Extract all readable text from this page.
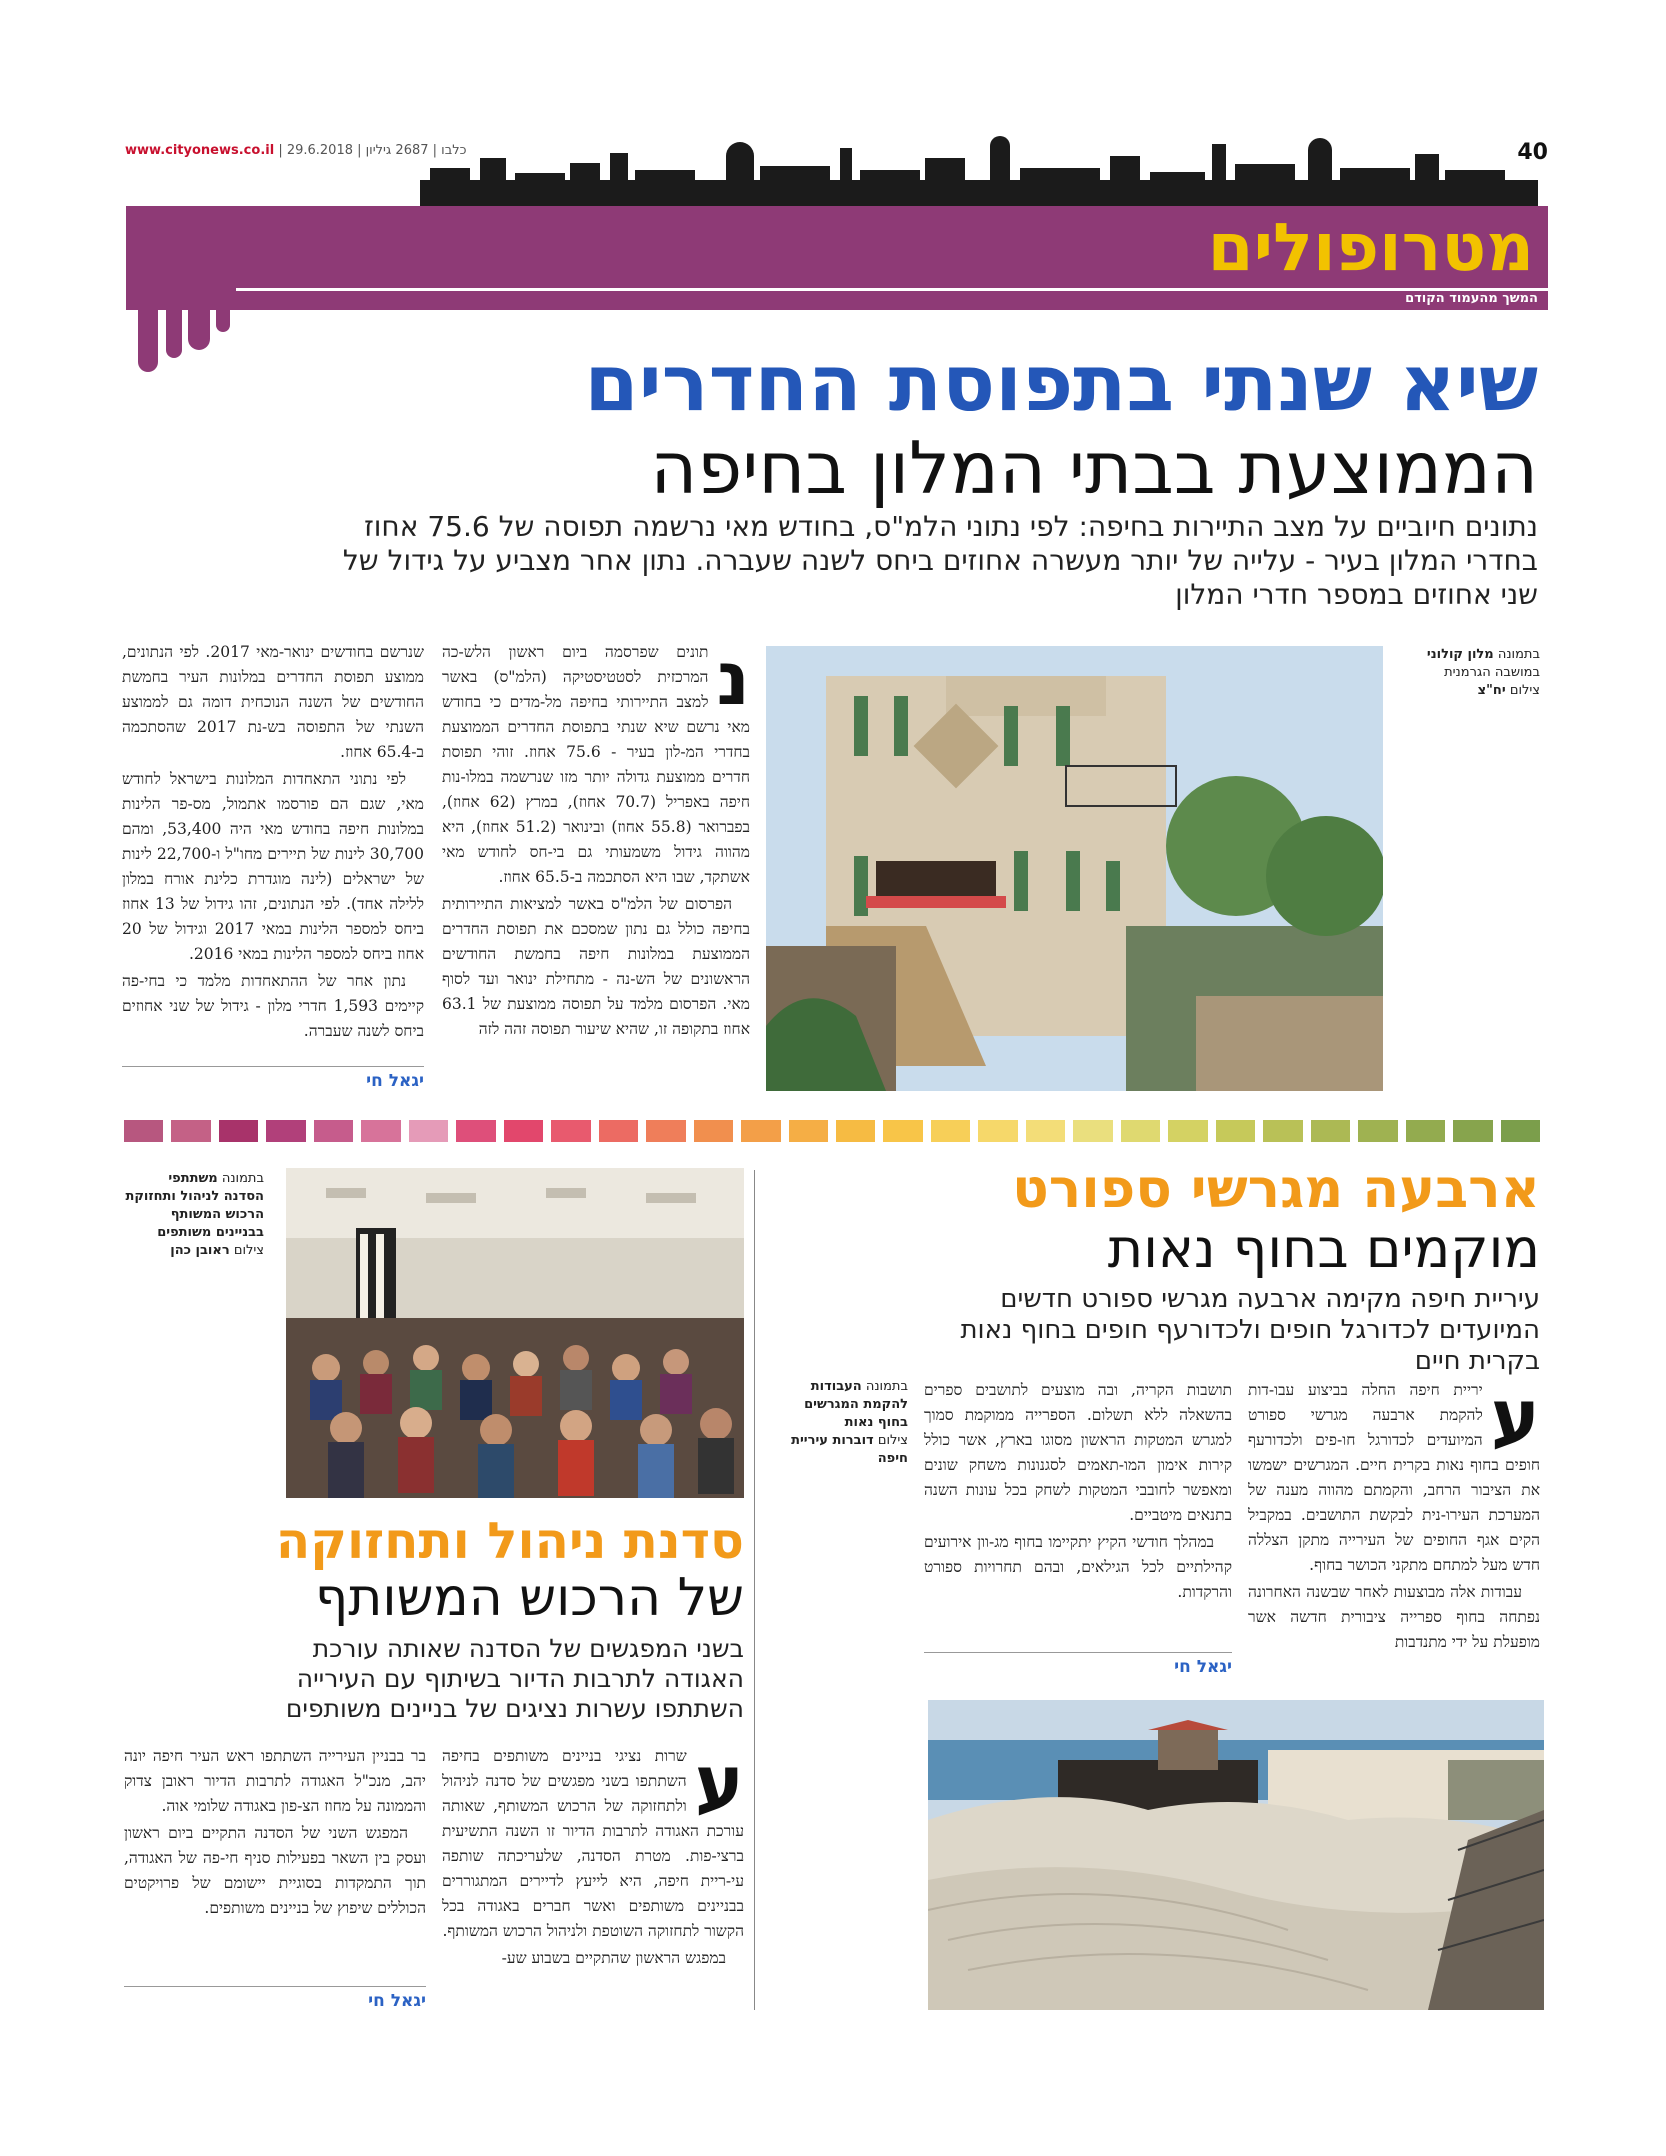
www.cityonews.co.il | כלבו | 2687 גיליון | 29.6.2018	40
מטרופולים
המשך מהעמוד הקודם
שיא שנתי בתפוסת החדרים
הממוצעת בבתי המלון בחיפה
נתונים חיוביים על מצב התיירות בחיפה: לפי נתוני הלמ"ס, בחודש מאי נרשמה תפוסה של 75.6 אחוז
בחדרי המלון בעיר - עלייה של יותר מעשרה אחוזים ביחס לשנה שעברה. נתון אחר מצביע על גידול של
שני אחוזים במספר חדרי המלון
בתמונה מלון קולוני
במושבה הגרמנית
צילום יח"צ
נ

תונים שפרסמה ביום ראשון הלש-כה המרכזית לסטטיסטיקה (הלמ"ס) באשר למצב התיירותי בחיפה מל-מדים כי בחודש מאי נרשם שיא שנתי בתפוסת החדרים הממוצעת בחדרי המ-לון בעיר - 75.6 אחוז. זוהי תפוסת חדרים ממוצעת גדולה יותר מזו שנרשמה במלו-נות חיפה באפריל (70.7 אחוז), במרץ (62 אחוז), בפברואר (55.8 אחוז) ובינואר (51.2 אחוז), היא מהווה גידול משמעותי גם בי-חס לחודש מאי אשתקד, שבו היא הסתכמה ב-65.5 אחוז.

הפרסום של הלמ"ס באשר למציאות התיירותית בחיפה כולל גם נתון שמסכם את תפוסת החדרים הממוצעת במלונות חיפה בחמשת החודשים הראשונים של הש-נה - מתחילת ינואר ועד לסוף מאי. הפרסום מלמד על תפוסה ממוצעת של 63.1 אחוז בתקופה זו, שהיא שיעור תפוסה זהה לזה

שנרשם בחודשים ינואר-מאי 2017. לפי הנתונים, ממוצע תפוסת החדרים במלונות העיר בחמשת החודשים של השנה הנוכחית דומה גם לממוצע השנתי של התפוסה בש-נת 2017 שהסתכמה ב-65.4 אחוז.

לפי נתוני התאחדות המלונות בישראל לחודש מאי, שגם הם פורסמו אתמול, מס-פר הלינות במלונות חיפה בחודש מאי היה 53,400, ומהם 30,700 לינות של תיירים מחו"ל ו-22,700 לינות של ישראלים (לינה מוגדרת כלינת אורח במלון ללילה אחד). לפי הנתונים, זהו גידול של 13 אחוז ביחס למספר הלינות במאי 2017 וגידול של 20 אחוז ביחס למספר הלינות במאי 2016.

נתון אחר של ההתאחדות מלמד כי בחי-פה קיימים 1,593 חדרי מלון - גידול של שני אחוזים ביחס לשנה שעברה.

יגאל חי
ארבעה מגרשי ספורט
מוקמים בחוף נאות
עיריית חיפה מקימה ארבעה מגרשי ספורט חדשים
המיועדים לכדורגל חופים ולכדורעף חופים בחוף נאות
בקרית חיים
ע

יריית חיפה החלה בביצוע עבו-דות להקמת ארבעה מגרשי ספורט המיועדים לכדורגל חו-פים ולכדורעף חופים בחוף נאות בקרית חיים. המגרשים ישמשו את הציבור הרחב, והקמתם מהווה מענה של המערכת העירו-נית לבקשת התושבים. במקביל הקים אגף החופים של העירייה מתקן הצללה חדש מעל למתחם מתקני הכושר בחוף.

עבודות אלה מבוצעות לאחר שבשנה האחרונה נפתחה בחוף ספרייה ציבורית חדשה אשר מופעלת על ידי מתנדבות

תושבות הקריה, ובה מוצעים לתושבים ספרים בהשאלה ללא תשלום. הספרייה ממוקמת סמוך למגרש המטקות הראשון מסוגו בארץ, אשר כולל קירות אימון המו-תאמים לסגנונות משחק שונים ומאפשר לחובבי המטקות לשחק בכל עונות השנה בתנאים מיטביים.

במהלך חודשי הקיץ יתקיימו בחוף מג-וון אירועים קהילתיים לכל הגילאים, ובהם תחרויות ספורט והרקדות.

יגאל חי
בתמונה העבודות להקמת המגרשים בחוף נאות
צילום דוברות עיריית חיפה
בתמונה משתתפי הסדנה לניהול ותחזוקת הרכוש המשותף בבניינים משותפים
צילום ראובן כהן
סדנת ניהול ותחזוקה
של הרכוש המשותף
בשני המפגשים של הסדנה שאותה עורכת
האגודה לתרבות הדיור בשיתוף עם העירייה
השתתפו עשרות נציגים של בניינים משותפים
ע

שרות נציגי בניינים משותפים בחיפה השתתפו בשני מפגשים של סדנה לניהול ולתחזוקה של הרכוש המשותף, שאותה עורכת האגודה לתרבות הדיור זו השנה התשיעית ברצי-פות. מטרת הסדנה, שלעריכתה שותפה עי-ריית חיפה, היא לייעץ לדיירים המתגוררים בבניינים משותפים ואשר חברים באגודה בכל הקשור לתחזוקה השוטפת ולניהול הרכוש המשותף.

במפגש הראשון שהתקיים בשבוע שע-

בר בבניין העירייה השתתפו ראש העיר חיפה יונה יהב, מנכ"ל האגודה לתרבות הדיור ראובן צדוק והממונה על מחוז הצ-פון באגודה שלומי אוה.

המפגש השני של הסדנה התקיים ביום ראשון ועסק בין השאר בפעילות סניף חי-פה של האגודה, תוך התמקדות בסוגיית יישומם של פרויקטים הכוללים שיפוץ של בניינים משותפים.

יגאל חי
